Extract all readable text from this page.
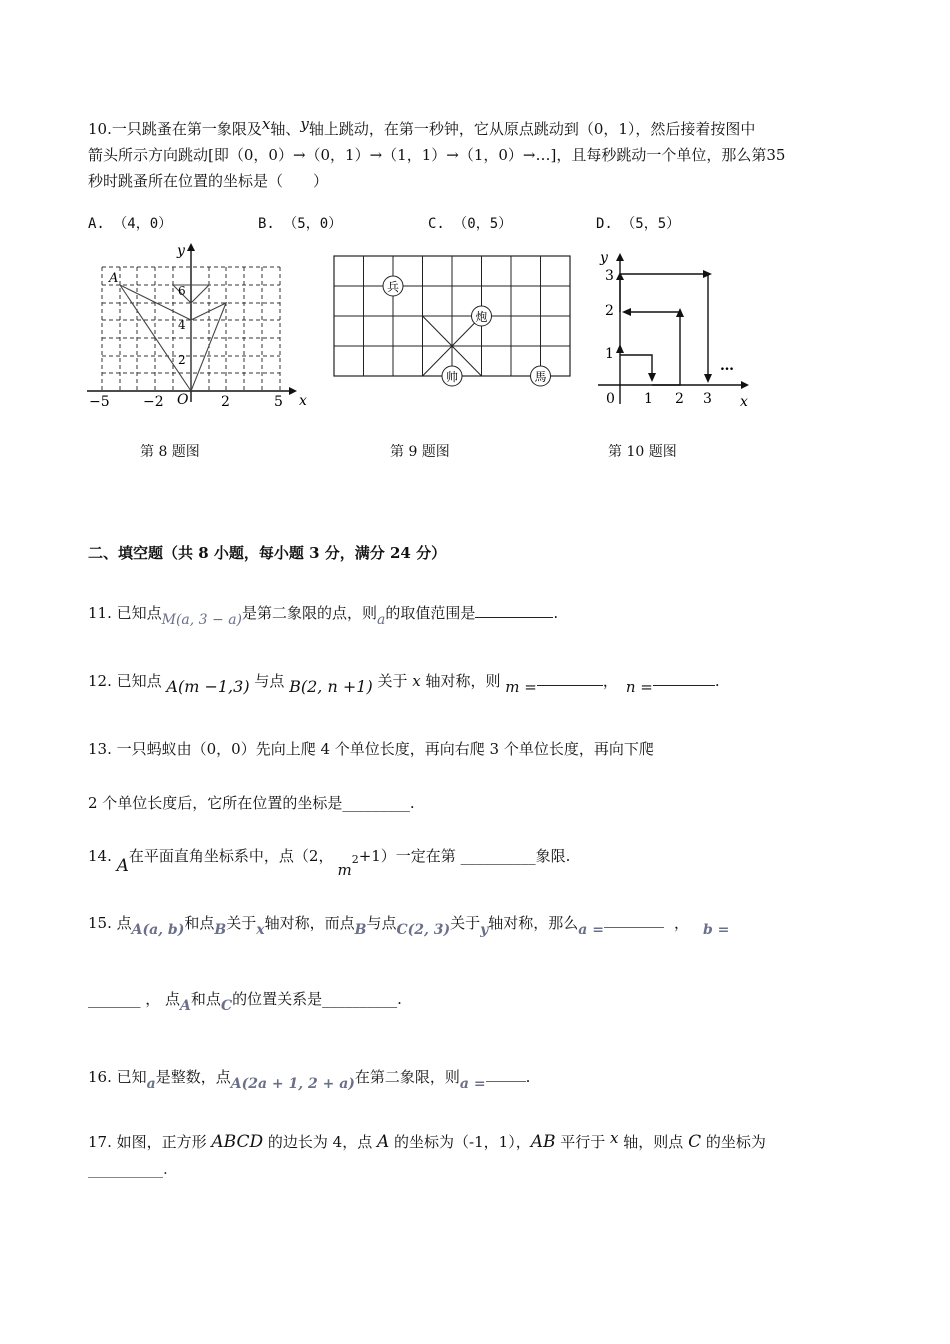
10.一只跳蚤在第一象限及x轴、y轴上跳动，在第一秒钟，它从原点跳动到（0，1），然后接着按图中
箭头所示方向跳动[即（0，0）→（0，1）→（1，1）→（1，0）→…]，且每秒跳动一个单位，那么第35
秒时跳蚤所在位置的坐标是（　　）
A. （4，0）	B. （5，0）	C. （0，5）	D. （5，5）
y
x
A
O
−5 −2	2	5
2
4
6	兵
炮
帅	馬
y
x
1
2
3
0 1 2 3
…
第 8 题图	第 9 题图	第 10 题图
二、填空题（共 8 小题，每小题 3 分，满分 24 分）
11. 已知点M(a, 3 − a)是第二象限的点，则a的取值范围是	.
12. 已知点 A(m −1,3) 与点 B(2, n +1) 关于 x 轴对称，则 m =	， n =	.
13. 一只蚂蚁由（0，0）先向上爬 4 个单位长度，再向右爬 3 个单位长度，再向下爬
2 个单位长度后，它所在位置的坐标是_________.
14. A在平面直角坐标系中，点（2，m2+1）一定在第 __________象限.
15. 点A(a, b)和点B关于x轴对称，而点B与点C(2, 3)关于y轴对称，那么a =	， b =
_______ ， 点A和点C的位置关系是__________.
16. 已知a是整数，点A(2a + 1, 2 + a)在第二象限，则a =	.
17. 如图，正方形 ABCD 的边长为 4，点 A 的坐标为（-1，1），AB 平行于 x 轴，则点 C 的坐标为
__________.
